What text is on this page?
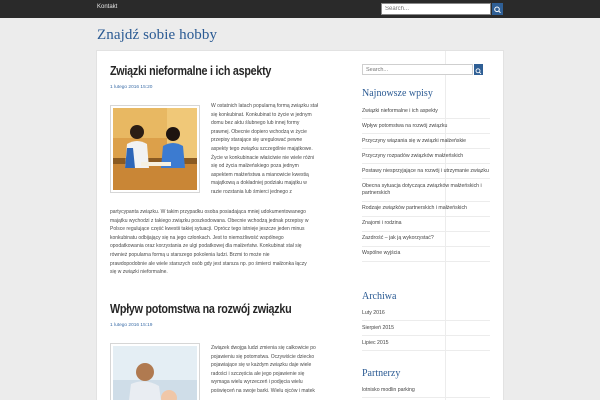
Kontakt
Search...
Znajdź sobie hobby
Związki nieformalne i ich aspekty
1 lutego 2016 15:20
W ostatnich latach popularną formą związku stał
się konkubinat. Konkubinat to życie w jednym
domu bez aktu ślubnego lub innej formy
prawnej. Obecnie dopiero wchodzą w życie
przepisy starające się uregulować pewne
aspekty tego związku szczególnie majątkowe.
Życie w konkubinacie właściwie nie wiele różni
się od życia małżeńskiego poza jednym
aspektem małżeństwa a mianowicie kwestią
majątkową a dokładniej podziału majątku w
razie rozstania lub śmierci jednego z
partycypanta związku. W takim przypadku osoba posiadająca mniej udokumentowanego
majątku wychodzi z takiego związku poszkodowana. Obecnie wchodzą jednak przepisy w
Polsce regulujące część kwestii takiej sytuacji. Oprócz tego istnieje jeszcze jeden minus
konkubinatu odbijający się na jego członkach. Jest to niemożliwość wspólnego
opodatkowania oraz korzystania ze ulgi podatkowej dla małżeństw. Konkubinat stał się
również popularna formą u starszego pokolenia ludzi. Brzmi to może nie
prawdopodobnie ale wiele starszych osób gdy jest starsza np. po śmierci małżonka łączy
się w związki nieformalne.
Wpływ potomstwa na rozwój związku
1 lutego 2016 15:19
Związek dwojga ludzi zmienia się całkowicie po
pojawieniu się potomstwa. Oczywiście dziecko
pojawiające się w każdym związku daje wiele
radości i szczęścia ale jego pojawienie się
wymaga wielu wyrzeczeń i podjęcia wielu
poświęceń na swoje barki. Wielu ojców i matek
Search...
Najnowsze wpisy
Związki nieformalne i ich aspekty
Wpływ potomstwa na rozwój związku
Przyczyny wiązania się w związki małżeńskie
Przyczyny rozpadów związków małżeńskich
Postawy niesprzyjające na rozwój i utrzymanie związku
Obecna sytuacja dotycząca związków małżeńskich i partnerskich
Rodzaje związków partnerskich i małżeńskich
Znajomi i rodzina
Zazdrość – jak ją wykorzystać?
Wspólne wyjścia
Archiwa
Luty 2016
Sierpień 2015
Lipiec 2015
Partnerzy
lotnisko modlin parking
